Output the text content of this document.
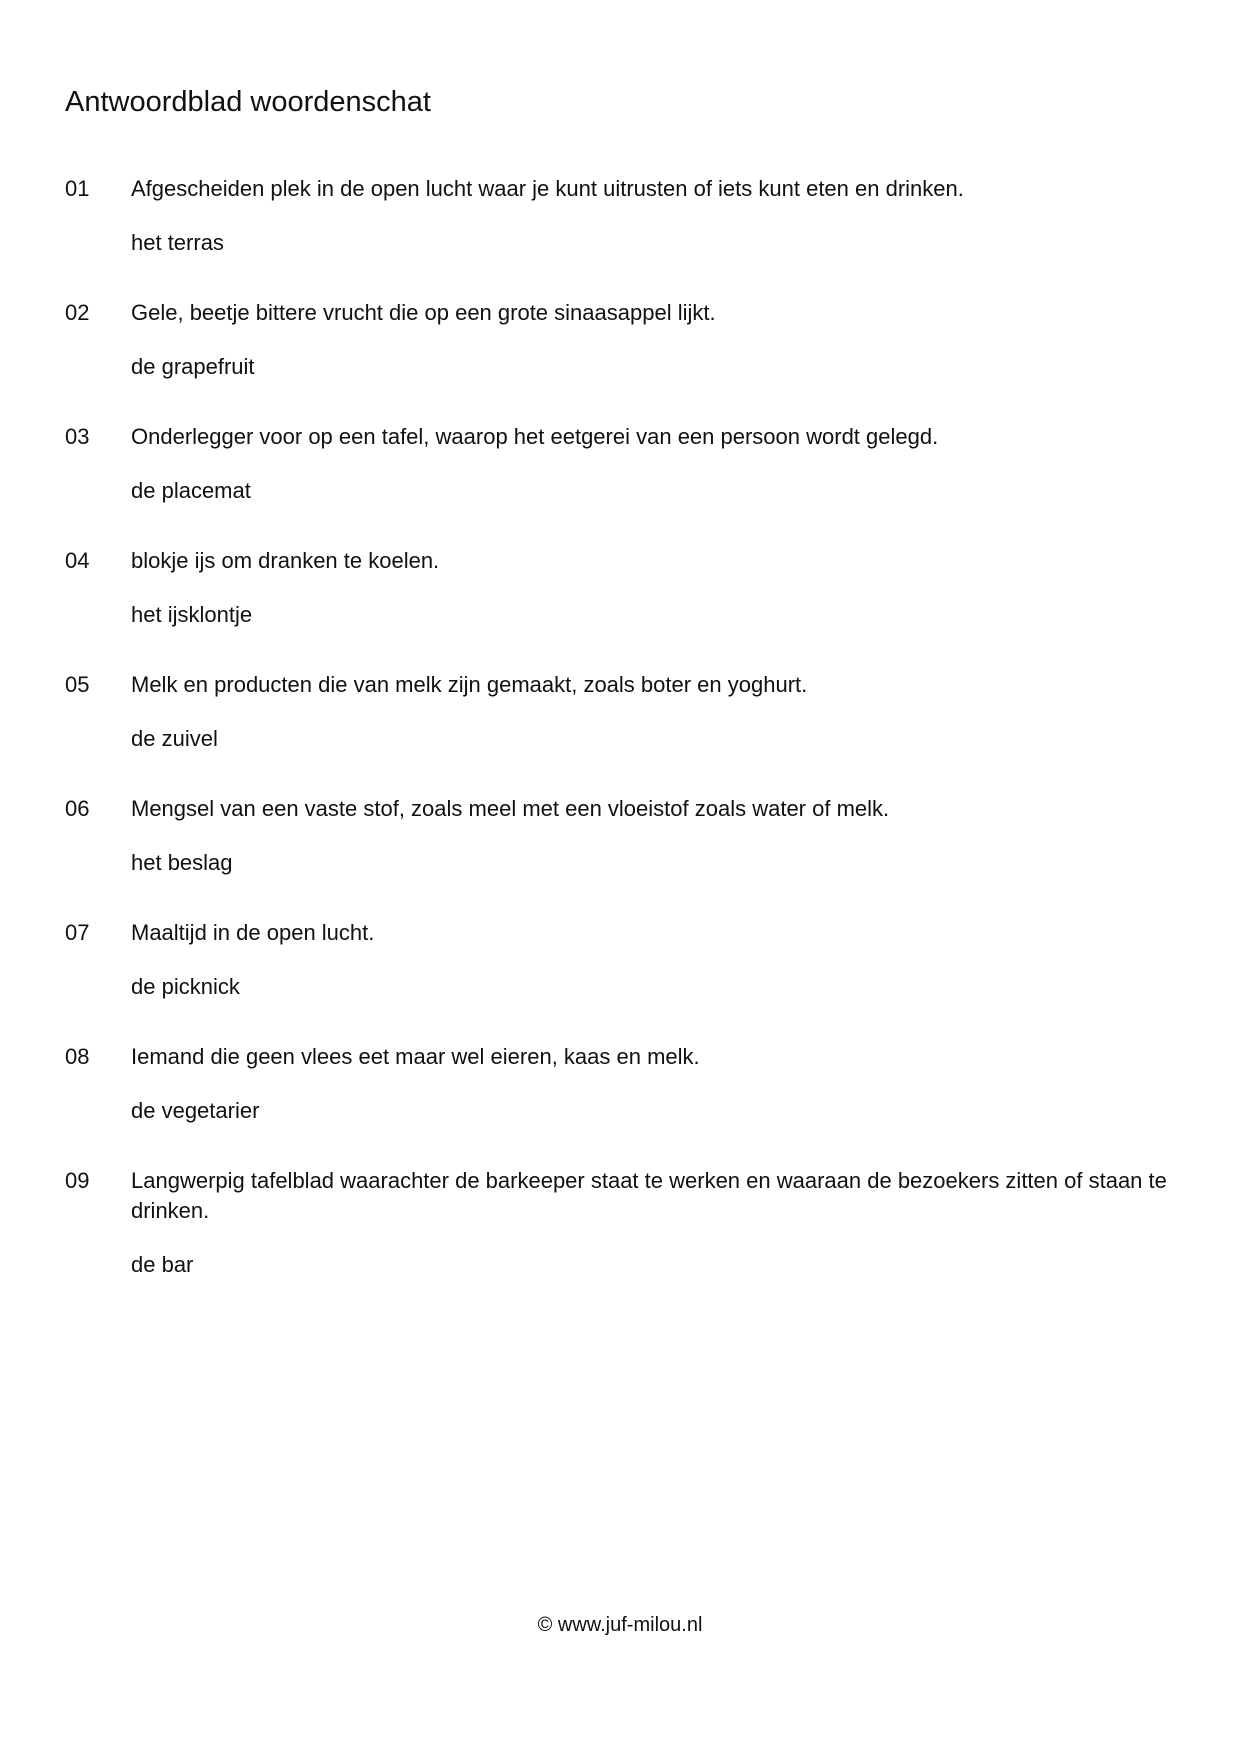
Antwoordblad woordenschat
01 Afgescheiden plek in de open lucht waar je kunt uitrusten of iets kunt eten en drinken.
het terras
02 Gele, beetje bittere vrucht die op een grote sinaasappel lijkt.
de grapefruit
03 Onderlegger voor op een tafel, waarop het eetgerei van een persoon wordt gelegd.
de placemat
04 blokje ijs om dranken te koelen.
het ijsklontje
05 Melk en producten die van melk zijn gemaakt, zoals boter en yoghurt.
de zuivel
06 Mengsel van een vaste stof, zoals meel met een vloeistof zoals water of melk.
het beslag
07 Maaltijd in de open lucht.
de picknick
08 Iemand die geen vlees eet maar wel eieren, kaas en melk.
de vegetarier
09 Langwerpig tafelblad waarachter de barkeeper staat te werken en waaraan de bezoekers zitten of staan te drinken.
de bar
© www.juf-milou.nl
